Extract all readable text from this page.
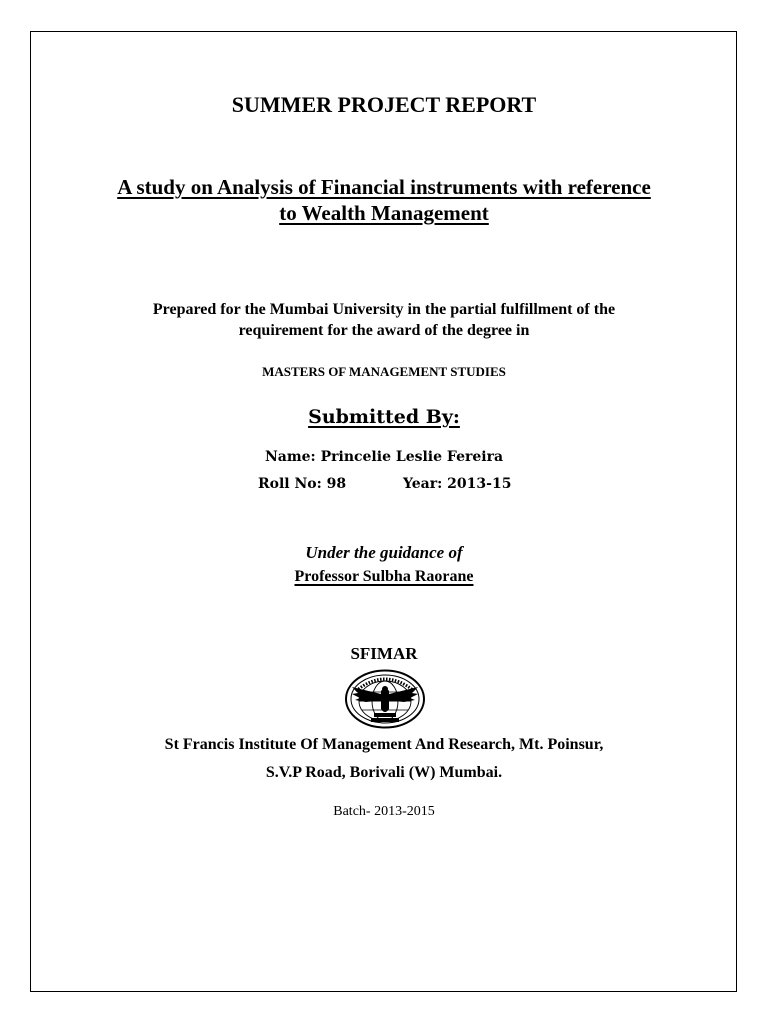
SUMMER PROJECT REPORT
A study on Analysis of Financial instruments with reference
to Wealth Management
Prepared for the Mumbai University in the partial fulfillment of the
requirement for the award of the degree in
MASTERS OF MANAGEMENT STUDIES
Submitted By:
Name: Princelie Leslie Fereira
Roll No: 98	Year: 2013-15
Under the guidance of
Professor Sulbha Raorane
SFIMAR
St Francis Institute Of Management And Research, Mt. Poinsur,
S.V.P Road, Borivali (W) Mumbai.
Batch- 2013-2015
